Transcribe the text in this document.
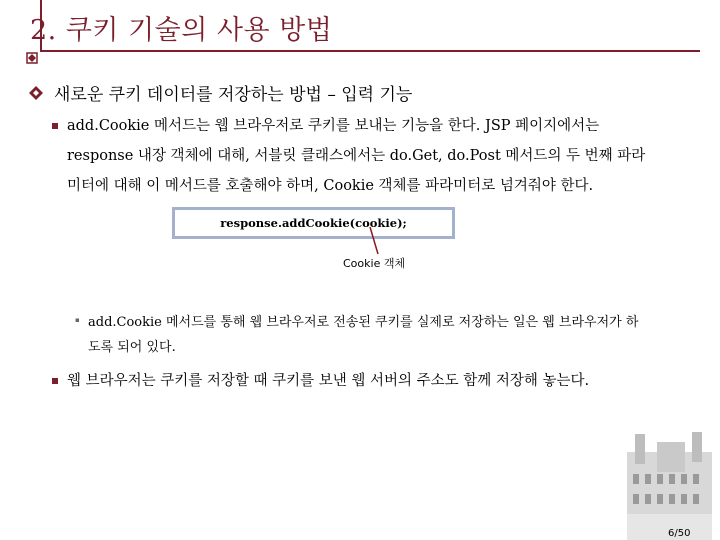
2. 쿠키 기술의 사용 방법
새로운 쿠키 데이터를 저장하는 방법 – 입력 기능
add.Cookie 메서드는 웹 브라우저로 쿠키를 보내는 기능을 한다. JSP 페이지에서는
response 내장 객체에 대해, 서블릿 클래스에서는 do.Get, do.Post 메서드의 두 번째 파라
미터에 대해 이 메서드를 호출해야 하며, Cookie 객체를 파라미터로 넘겨줘야 한다.
response.addCookie(cookie);
Cookie 객체
▪ add.Cookie 메서드를 통해 웹 브라우저로 전송된 쿠키를 실제로 저장하는 일은 웹 브라우저가 하
도록 되어 있다.
웹 브라우저는 쿠키를 저장할 때 쿠키를 보낸 웹 서버의 주소도 함께 저장해 놓는다.
6/50
